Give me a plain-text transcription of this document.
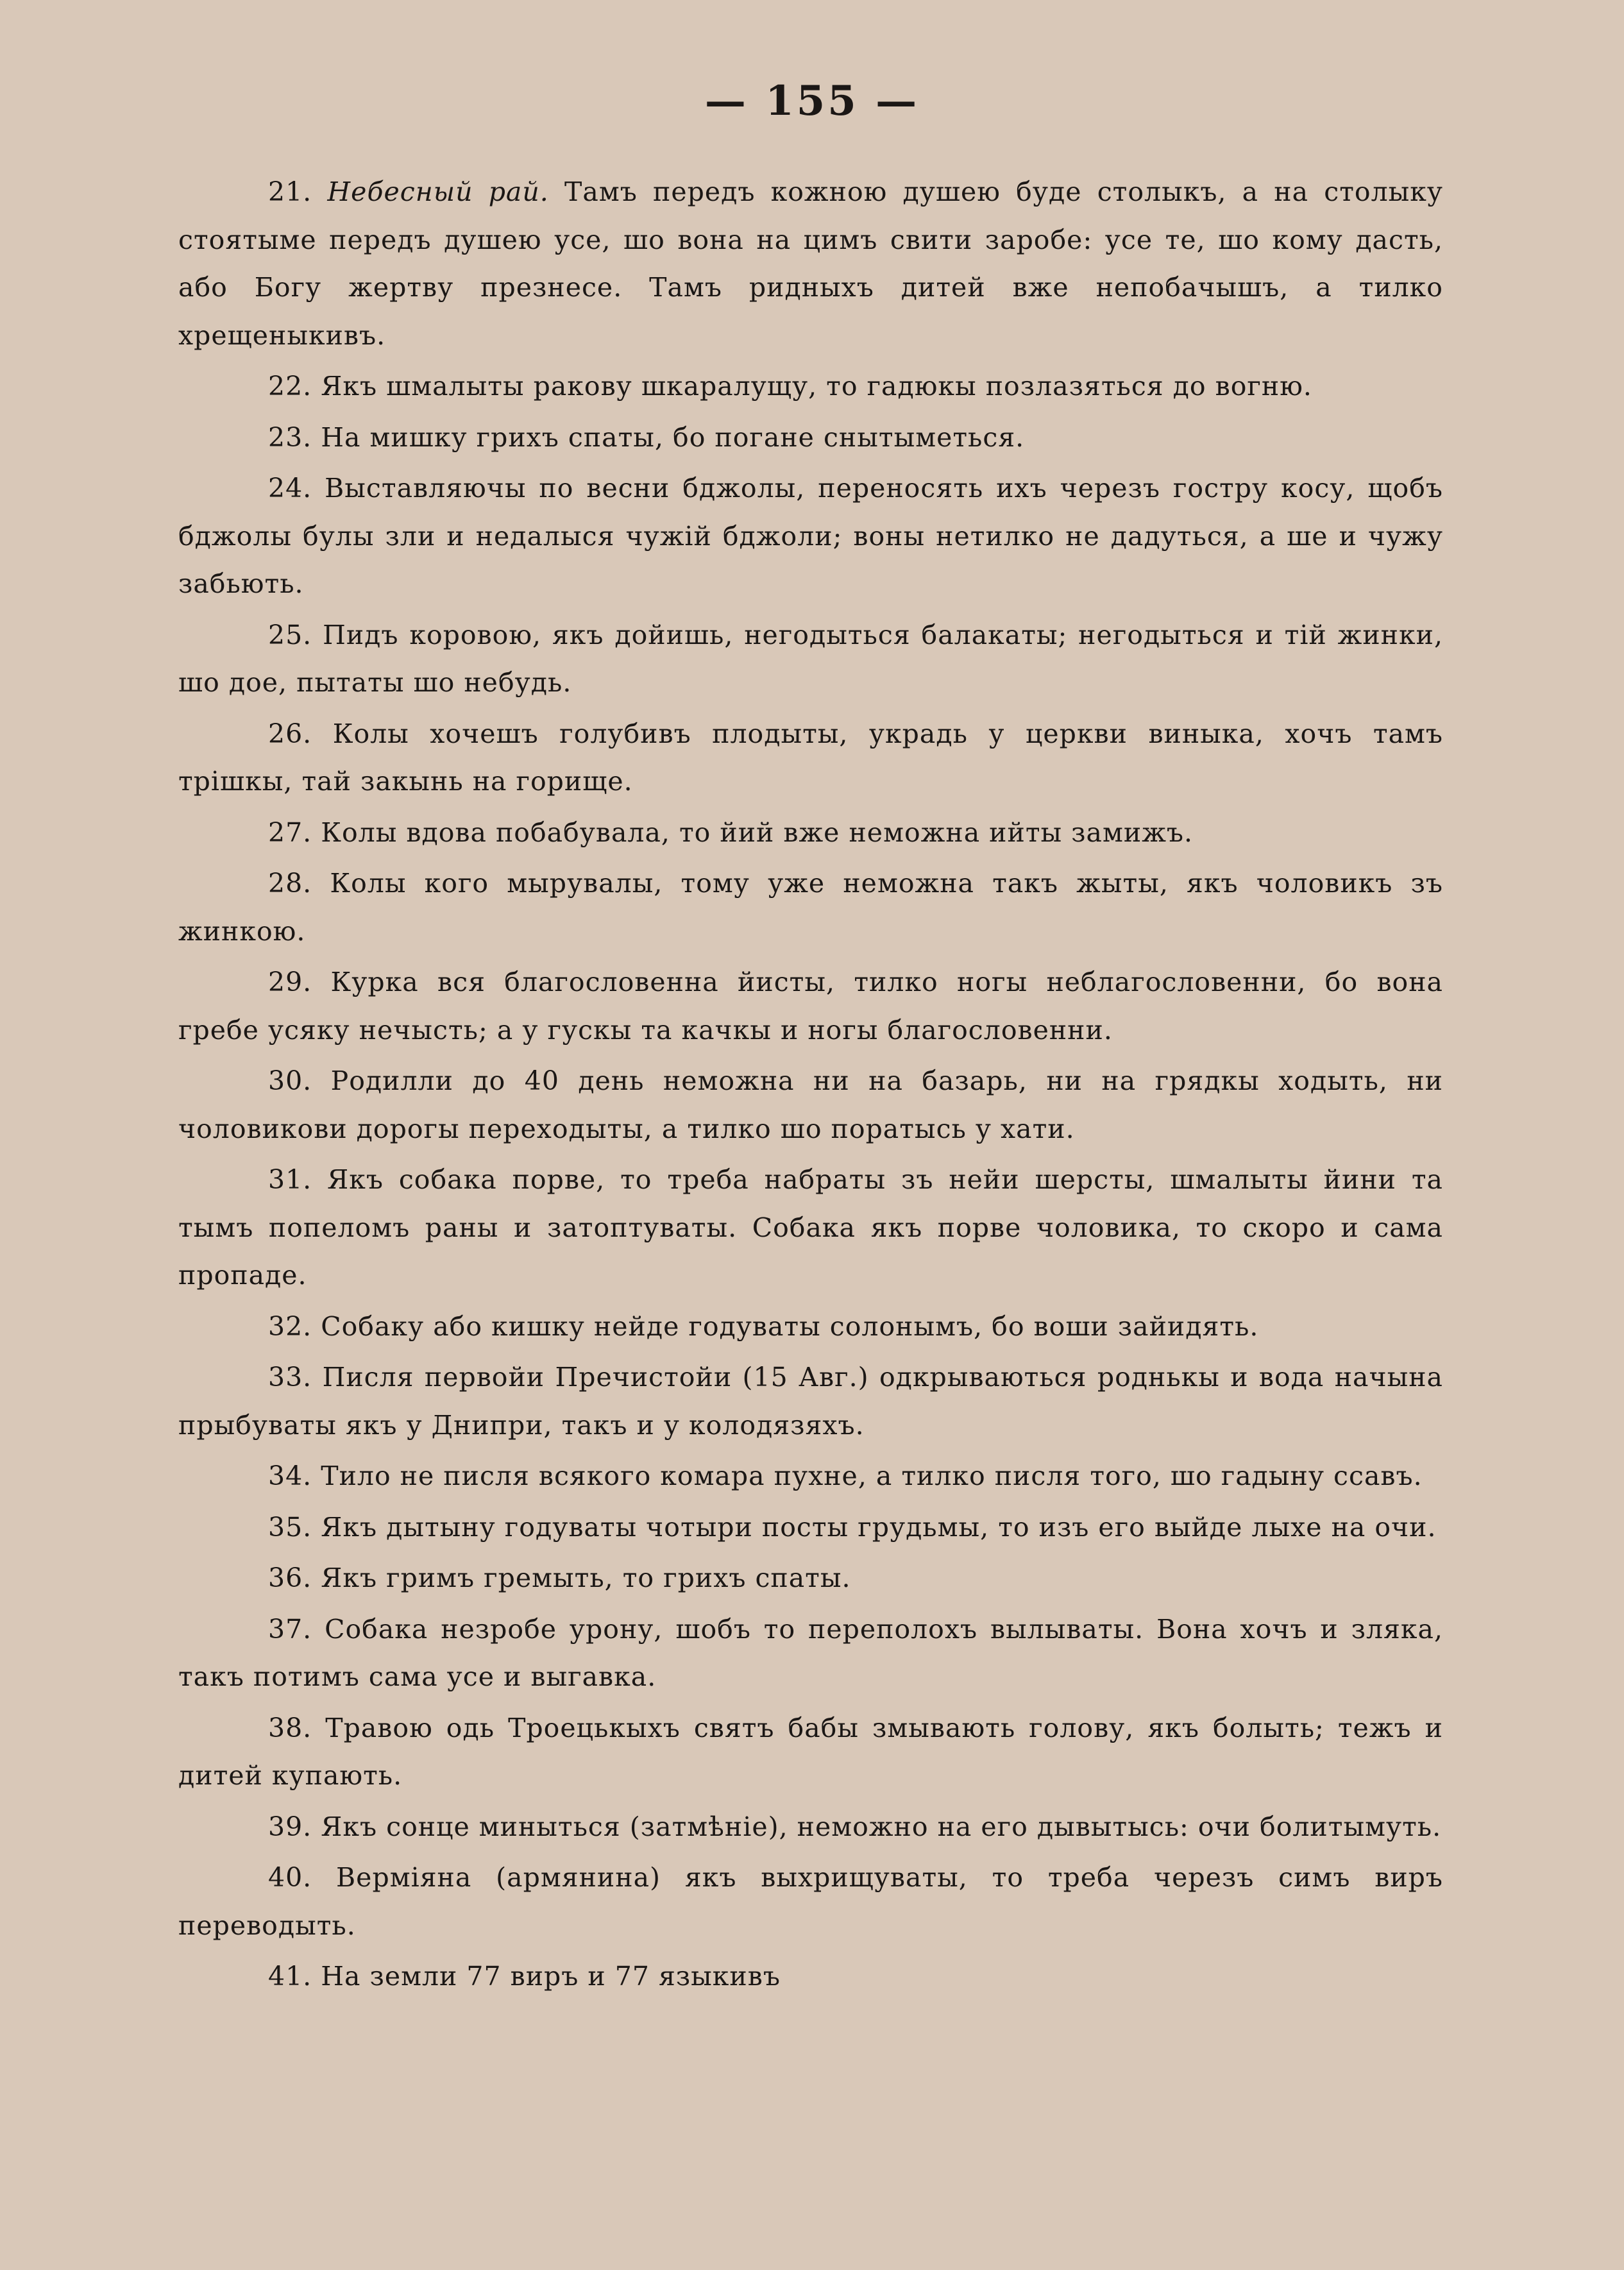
— 155 —

21. Небесный рай. Тамъ передъ кожною душею буде столыкъ, а на столыку стоятыме передъ душею усе, шо вона на цимъ свити заробе: усе те, шо кому дасть, або Богу жертву презнесе. Тамъ ридныхъ дитей вже непобачышъ, а тилко хрещеныкивъ.

22. Якъ шмалыты ракову шкаралущу, то гадюкы позлазяться до вогню.

23. На мишку грихъ спаты, бо погане снытыметься.

24. Выставляючы по весни бджолы, переносять ихъ черезъ гостру косу, щобъ бджолы булы зли и недалыся чужій бджоли; воны нетилко не дадуться, а ше и чужу забьють.

25. Пидъ коровою, якъ дойишь, негодыться балакаты; негодыться и тій жинки, шо дое, пытаты шо небудь.

26. Колы хочешъ голубивъ плодыты, украдь у церкви виныка, хочъ тамъ трішкы, тай закынь на горище.

27. Колы вдова побабувала, то йий вже неможна ийты замижъ.

28. Колы кого мырувалы, тому уже неможна такъ жыты, якъ чоловикъ зъ жинкою.

29. Курка вся благословенна йисты, тилко ногы неблагословенни, бо вона гребе усяку нечысть; а у гускы та качкы и ногы благословенни.

30. Родилли до 40 день неможна ни на базарь, ни на грядкы ходыть, ни чоловикови дорогы переходыты, а тилко шо поратысь у хати.

31. Якъ собака порве, то треба набраты зъ нейи шерсты, шмалыты йини та тымъ попеломъ раны и затоптуваты. Собака якъ порве чоловика, то скоро и сама пропаде.

32. Собаку або кишку нейде годуваты солонымъ, бо воши зайидять.

33. Писля первойи Пречистойи (15 Авг.) одкрываються роднькы и вода начына прыбуваты якъ у Днипри, такъ и у колодязяхъ.

34. Тило не писля всякого комара пухне, а тилко писля того, шо гадыну ссавъ.

35. Якъ дытыну годуваты чотыри посты грудьмы, то изъ его выйде лыхе на очи.

36. Якъ гримъ гремыть, то грихъ спаты.

37. Собака незробе урону, шобъ то переполохъ вылываты. Вона хочъ и зляка, такъ потимъ сама усе и выгавка.

38. Травою одь Троецькыхъ святъ бабы змывають голову, якъ болыть; тежъ и дитей купають.

39. Якъ сонце миныться (затмѣніе), неможно на его дывытысь: очи болитымуть.

40. Верміяна (армянина) якъ выхрищуваты, то треба черезъ симъ виръ переводыть.

41. На земли 77 виръ и 77 языкивъ
